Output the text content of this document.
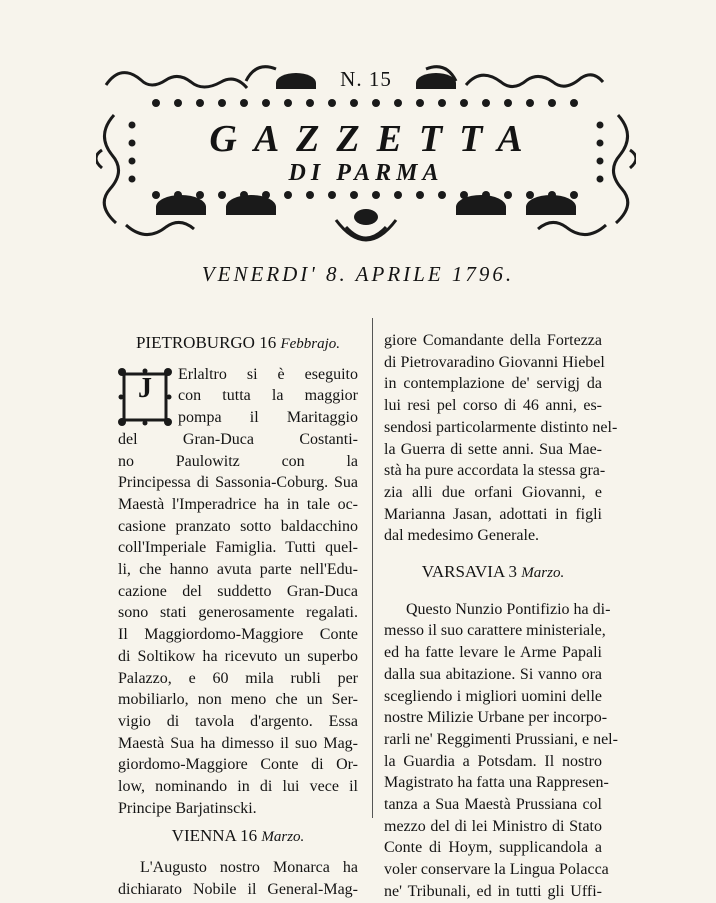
N. 15
GAZZETTA
DI PARMA
VENERDI' 8. APRILE 1796.
PIETROBURGO 16 Febbrajo.
J	Erlaltro si è eseguito
con tutta la maggior
pompa il Maritaggio
del Gran-Duca Costanti-
no Paulowitz con la
Principessa di Sassonia-Coburg. Sua
Maestà l'Imperadrice ha in tale oc-
casione pranzato sotto baldacchino
coll'Imperiale Famiglia. Tutti quel-
li, che hanno avuta parte nell'Edu-
cazione del suddetto Gran-Duca
sono stati generosamente regalati.
Il Maggiordomo-Maggiore Conte
di Soltikow ha ricevuto un superbo
Palazzo, e 60 mila rubli per
mobiliarlo, non meno che un Ser-
vigio di tavola d'argento. Essa
Maestà Sua ha dimesso il suo Mag-
giordomo-Maggiore Conte di Or-
low, nominando in di lui vece il
Principe Barjatinscki.

VIENNA 16 Marzo.

L'Augusto nostro Monarca ha
dichiarato Nobile il General-Mag-

giore Comandante della Fortezza
di Pietrovaradino Giovanni Hiebel
in contemplazione de' servigj da
lui resi pel corso di 46 anni, es-
sendosi particolarmente distinto nel-
la Guerra di sette anni. Sua Mae-
stà ha pure accordata la stessa gra-
zia alli due orfani Giovanni, e
Marianna Jasan, adottati in figli
dal medesimo Generale.

VARSAVIA 3 Marzo.

Questo Nunzio Pontifizio ha di-
messo il suo carattere ministeriale,
ed ha fatte levare le Arme Papali
dalla sua abitazione. Si vanno ora
scegliendo i migliori uomini delle
nostre Milizie Urbane per incorpo-
rarli ne' Reggimenti Prussiani, e nel-
la Guardia a Potsdam. Il nostro
Magistrato ha fatta una Rappresen-
tanza a Sua Maestà Prussiana col
mezzo del di lei Ministro di Stato
Conte di Hoym, supplicandola a
voler conservare la Lingua Polacca
ne' Tribunali, ed in tutti gli Uffi-
